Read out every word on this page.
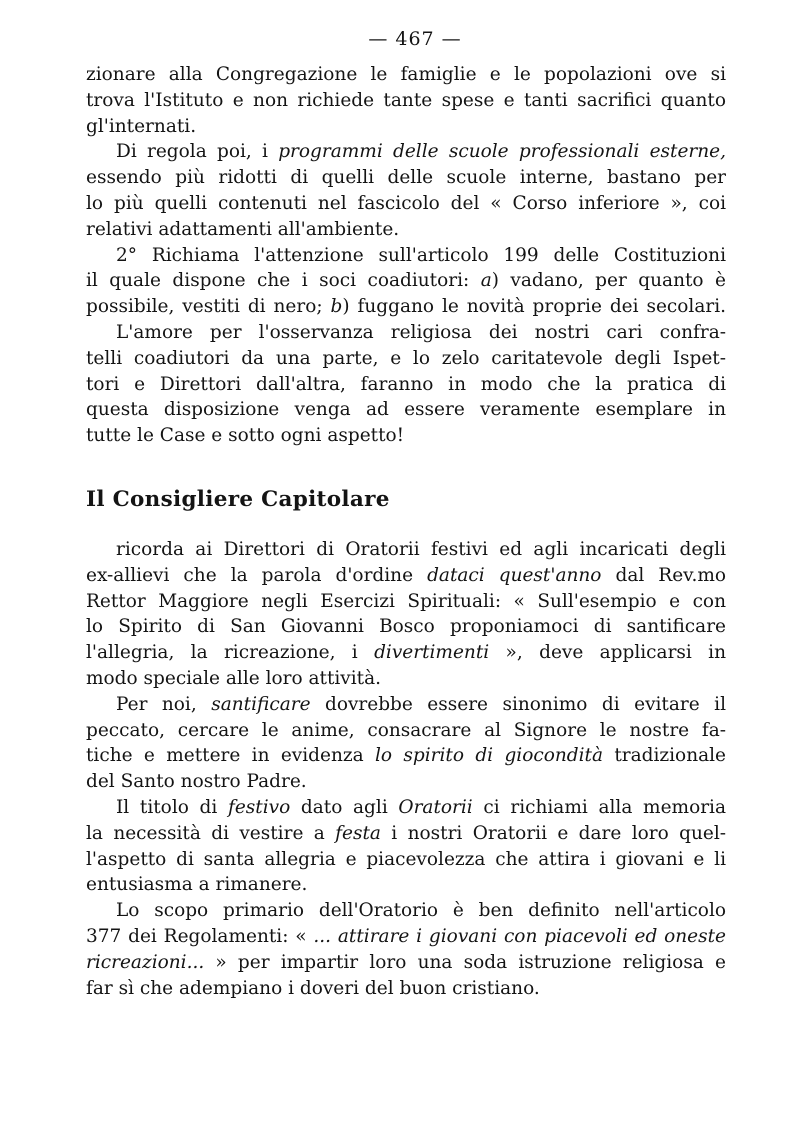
— 467 —
zionare alla Congregazione le famiglie e le popolazioni ove si
trova l'Istituto e non richiede tante spese e tanti sacrifici quanto
gl'internati.
Di regola poi, i programmi delle scuole professionali esterne,
essendo più ridotti di quelli delle scuole interne, bastano per
lo più quelli contenuti nel fascicolo del « Corso inferiore », coi
relativi adattamenti all'ambiente.
2° Richiama l'attenzione sull'articolo 199 delle Costituzioni
il quale dispone che i soci coadiutori: a) vadano, per quanto è
possibile, vestiti di nero; b) fuggano le novità proprie dei secolari.
L'amore per l'osservanza religiosa dei nostri cari confra-
telli coadiutori da una parte, e lo zelo caritatevole degli Ispet-
tori e Direttori dall'altra, faranno in modo che la pratica di
questa disposizione venga ad essere veramente esemplare in
tutte le Case e sotto ogni aspetto!
Il Consigliere Capitolare
ricorda ai Direttori di Oratorii festivi ed agli incaricati degli
ex-allievi che la parola d'ordine dataci quest'anno dal Rev.mo
Rettor Maggiore negli Esercizi Spirituali: « Sull'esempio e con
lo Spirito di San Giovanni Bosco proponiamoci di santificare
l'allegria, la ricreazione, i divertimenti », deve applicarsi in
modo speciale alle loro attività.
Per noi, santificare dovrebbe essere sinonimo di evitare il
peccato, cercare le anime, consacrare al Signore le nostre fa-
tiche e mettere in evidenza lo spirito di giocondità tradizionale
del Santo nostro Padre.
Il titolo di festivo dato agli Oratorii ci richiami alla memoria
la necessità di vestire a festa i nostri Oratorii e dare loro quel-
l'aspetto di santa allegria e piacevolezza che attira i giovani e li
entusiasma a rimanere.
Lo scopo primario dell'Oratorio è ben definito nell'articolo
377 dei Regolamenti: « ... attirare i giovani con piacevoli ed oneste
ricreazioni... » per impartir loro una soda istruzione religiosa e
far sì che adempiano i doveri del buon cristiano.
